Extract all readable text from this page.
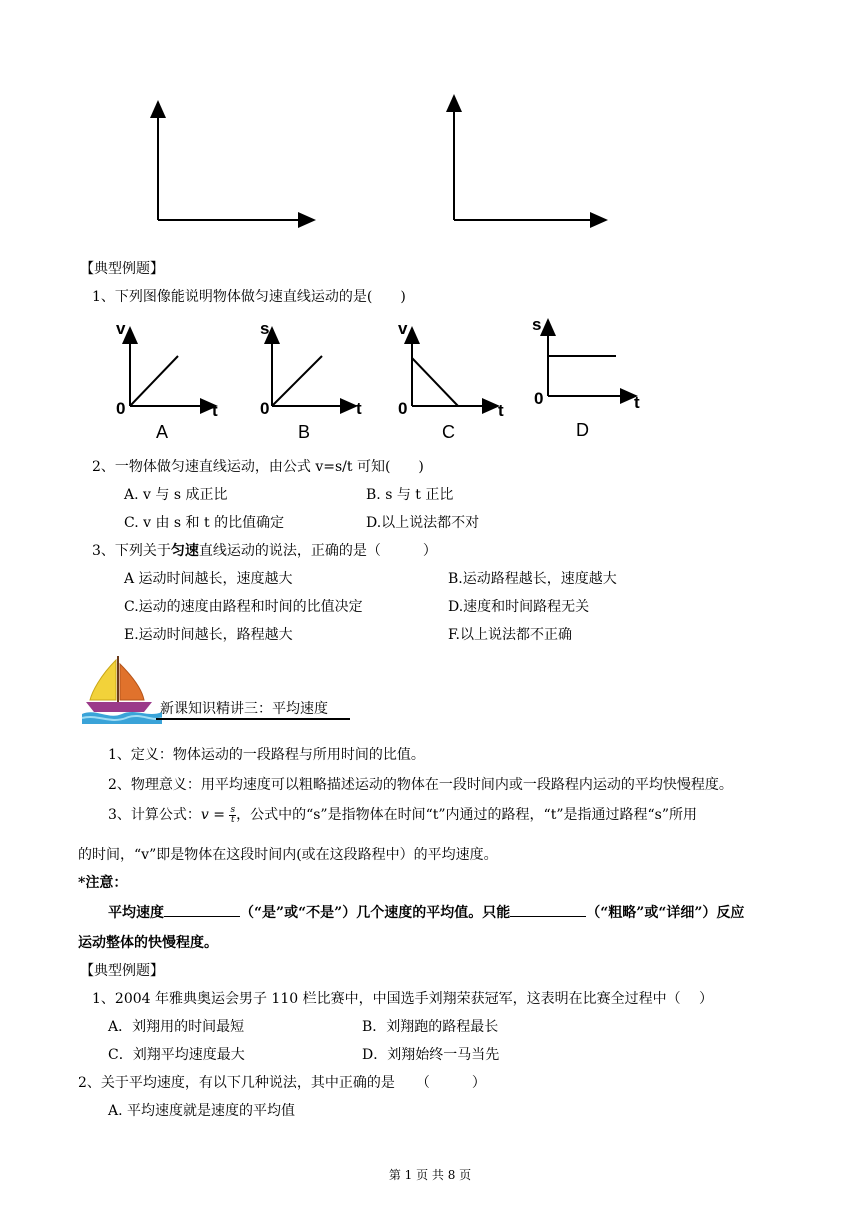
【典型例题】
1、下列图像能说明物体做匀速直线运动的是(　　)
v
0	t
A
s
0	t
B
v
0	t
C
s
0	t
D
2、一物体做匀速直线运动，由公式 v=s/t 可知(　　)
A. v 与 s 成正比	B. s 与 t 正比
C. v 由 s 和 t 的比值确定	D.以上说法都不对
3、下列关于匀速直线运动的说法，正确的是（　　　）
A 运动时间越长，速度越大	B.运动路程越长，速度越大
C.运动的速度由路程和时间的比值决定	D.速度和时间路程无关
E.运动时间越长，路程越大	F.以上说法都不正确
新课知识精讲三：平均速度
1、定义：物体运动的一段路程与所用时间的比值。
2、物理意义：用平均速度可以粗略描述运动的物体在一段时间内或一段路程内运动的平均快慢程度。
3、计算公式：$v = \frac{s}{t}$ ，公式中的“s”是指物体在时间“t”内通过的路程，“t”是指通过路程“s”所用
的时间，“v”即是物体在这段时间内(或在这段路程中）的平均速度。
*注意：
平均速度	（“是”或“不是”）几个速度的平均值。只能	（“粗略”或“详细”）反应
运动整体的快慢程度。
【典型例题】
1、2004 年雅典奥运会男子 110 栏比赛中，中国选手刘翔荣获冠军，这表明在比赛全过程中（　 ）
A．刘翔用的时间最短	B．刘翔跑的路程最长
C．刘翔平均速度最大	D．刘翔始终一马当先
2、关于平均速度，有以下几种说法，其中正确的是　　（　　　）
A. 平均速度就是速度的平均值
第 1 页 共 8 页
